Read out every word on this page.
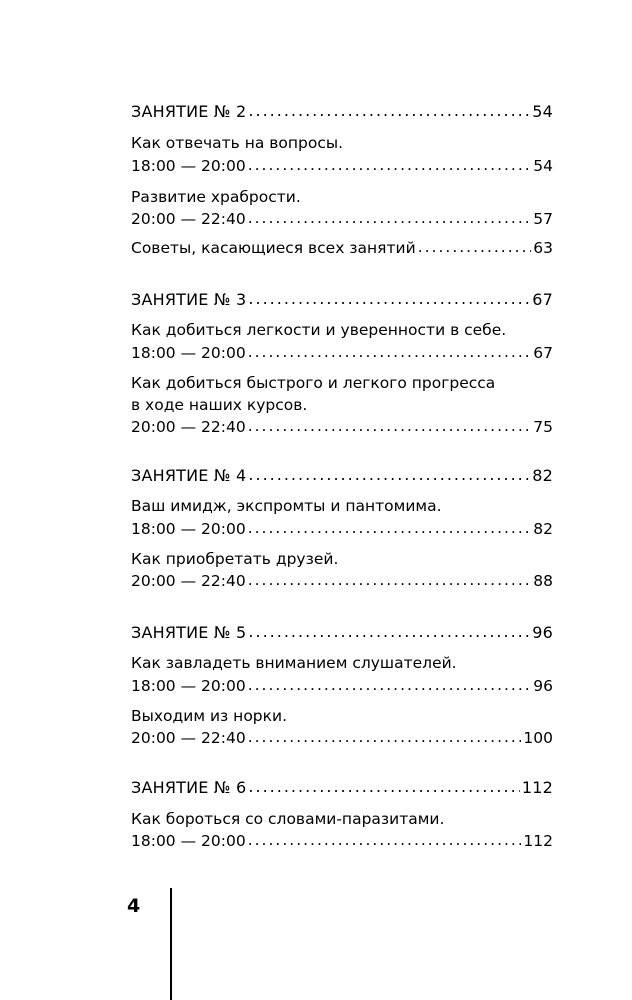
ЗАНЯТИЕ № 2 .....	54
Как отвечать на вопросы.
18:00 — 20:00 .....	54
Развитие храбрости.
20:00 — 22:40 .....	57
Советы, касающиеся всех занятий .....	63
ЗАНЯТИЕ № 3 .....	67
Как добиться легкости и уверенности в себе.
18:00 — 20:00 .....	67
Как добиться быстрого и легкого прогресса
в ходе наших курсов.
20:00 — 22:40 .....	75
ЗАНЯТИЕ № 4 .....	82
Ваш имидж, экспромты и пантомима.
18:00 — 20:00 .....	82
Как приобретать друзей.
20:00 — 22:40 .....	88
ЗАНЯТИЕ № 5 .....	96
Как завладеть вниманием слушателей.
18:00 — 20:00 .....	96
Выходим из норки.
20:00 — 22:40 .....	100
ЗАНЯТИЕ № 6 .....	112
Как бороться со словами-паразитами.
18:00 — 20:00 .....	112
4
